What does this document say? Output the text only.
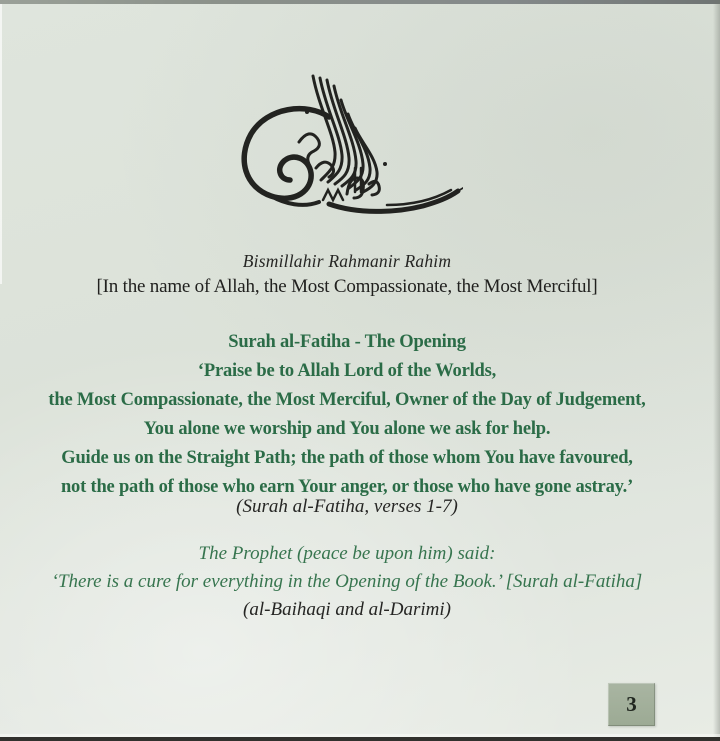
Bismillahir Rahmanir Rahim
[In the name of Allah, the Most Compassionate, the Most Merciful]
Surah al-Fatiha - The Opening
‘Praise be to Allah Lord of the Worlds,
the Most Compassionate, the Most Merciful, Owner of the Day of Judgement,
You alone we worship and You alone we ask for help.
Guide us on the Straight Path; the path of those whom You have favoured,
not the path of those who earn Your anger, or those who have gone astray.’
(Surah al-Fatiha, verses 1-7)
The Prophet (peace be upon him) said:
‘There is a cure for everything in the Opening of the Book.’ [Surah al-Fatiha]
(al-Baihaqi and al-Darimi)
3
